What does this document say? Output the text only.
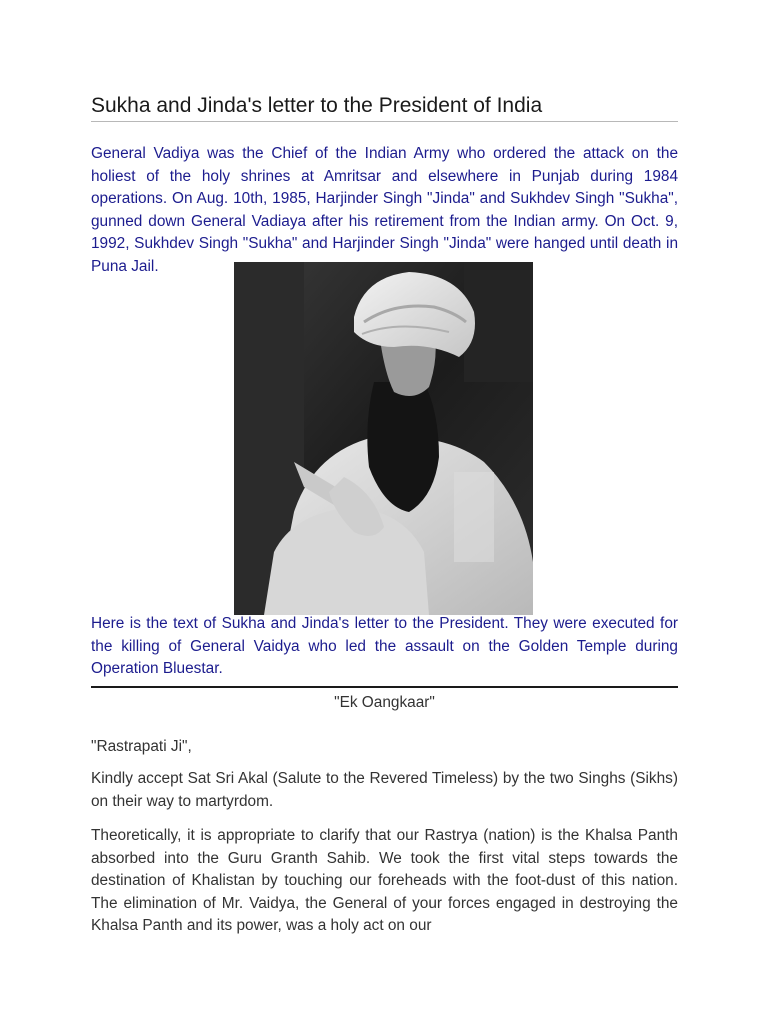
Sukha and Jinda's letter to the President of India

General Vadiya was the Chief of the Indian Army who ordered the attack on the holiest of the holy shrines at Amritsar and elsewhere in Punjab during 1984 operations. On Aug. 10th, 1985, Harjinder Singh "Jinda" and Sukhdev Singh "Sukha", gunned down General Vadiaya after his retirement from the Indian army. On Oct. 9, 1992, Sukhdev Singh "Sukha" and Harjinder Singh "Jinda" were hanged until death in Puna Jail.

Here is the text of Sukha and Jinda's letter to the President. They were executed for the killing of General Vaidya who led the assault on the Golden Temple during Operation Bluestar.

"Ek Oangkaar"

"Rastrapati Ji",

Kindly accept Sat Sri Akal (Salute to the Revered Timeless) by the two Singhs (Sikhs) on their way to martyrdom.

Theoretically, it is appropriate to clarify that our Rastrya (nation) is the Khalsa Panth absorbed into the Guru Granth Sahib. We took the first vital steps towards the destination of Khalistan by touching our foreheads with the foot-dust of this nation. The elimination of Mr. Vaidya, the General of your forces engaged in destroying the Khalsa Panth and its power, was a holy act on our
